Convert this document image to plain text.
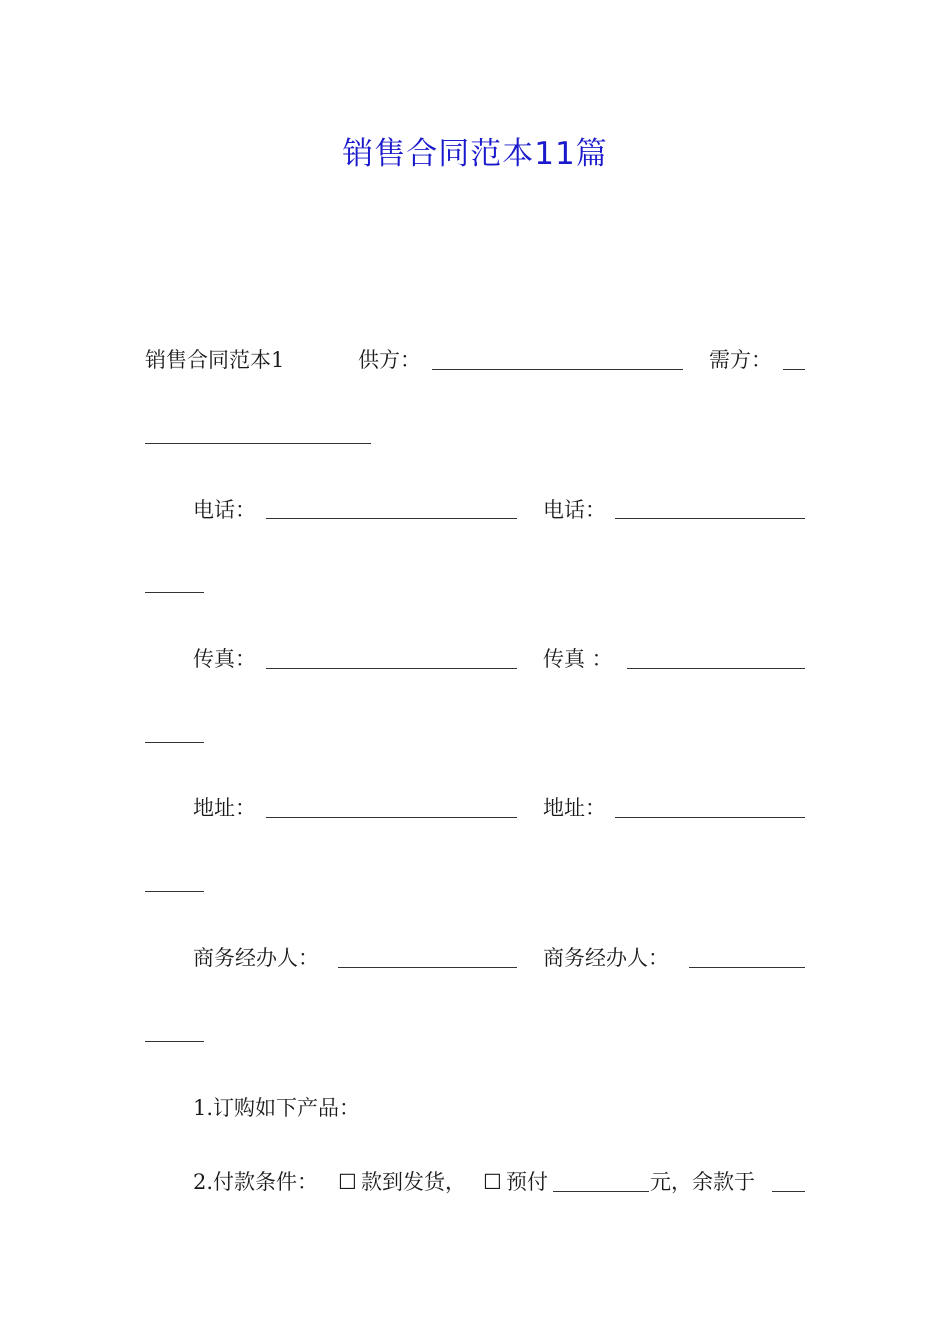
销售合同范本11篇
销售合同范本1	供方：	需方：
电话：	电话：
传真：	传真 ：
地址：	地址：
商务经办人：	商务经办人：
1.订购如下产品：
2.付款条件： ☐ 款到发货， ☐ 预付	元，余款于
